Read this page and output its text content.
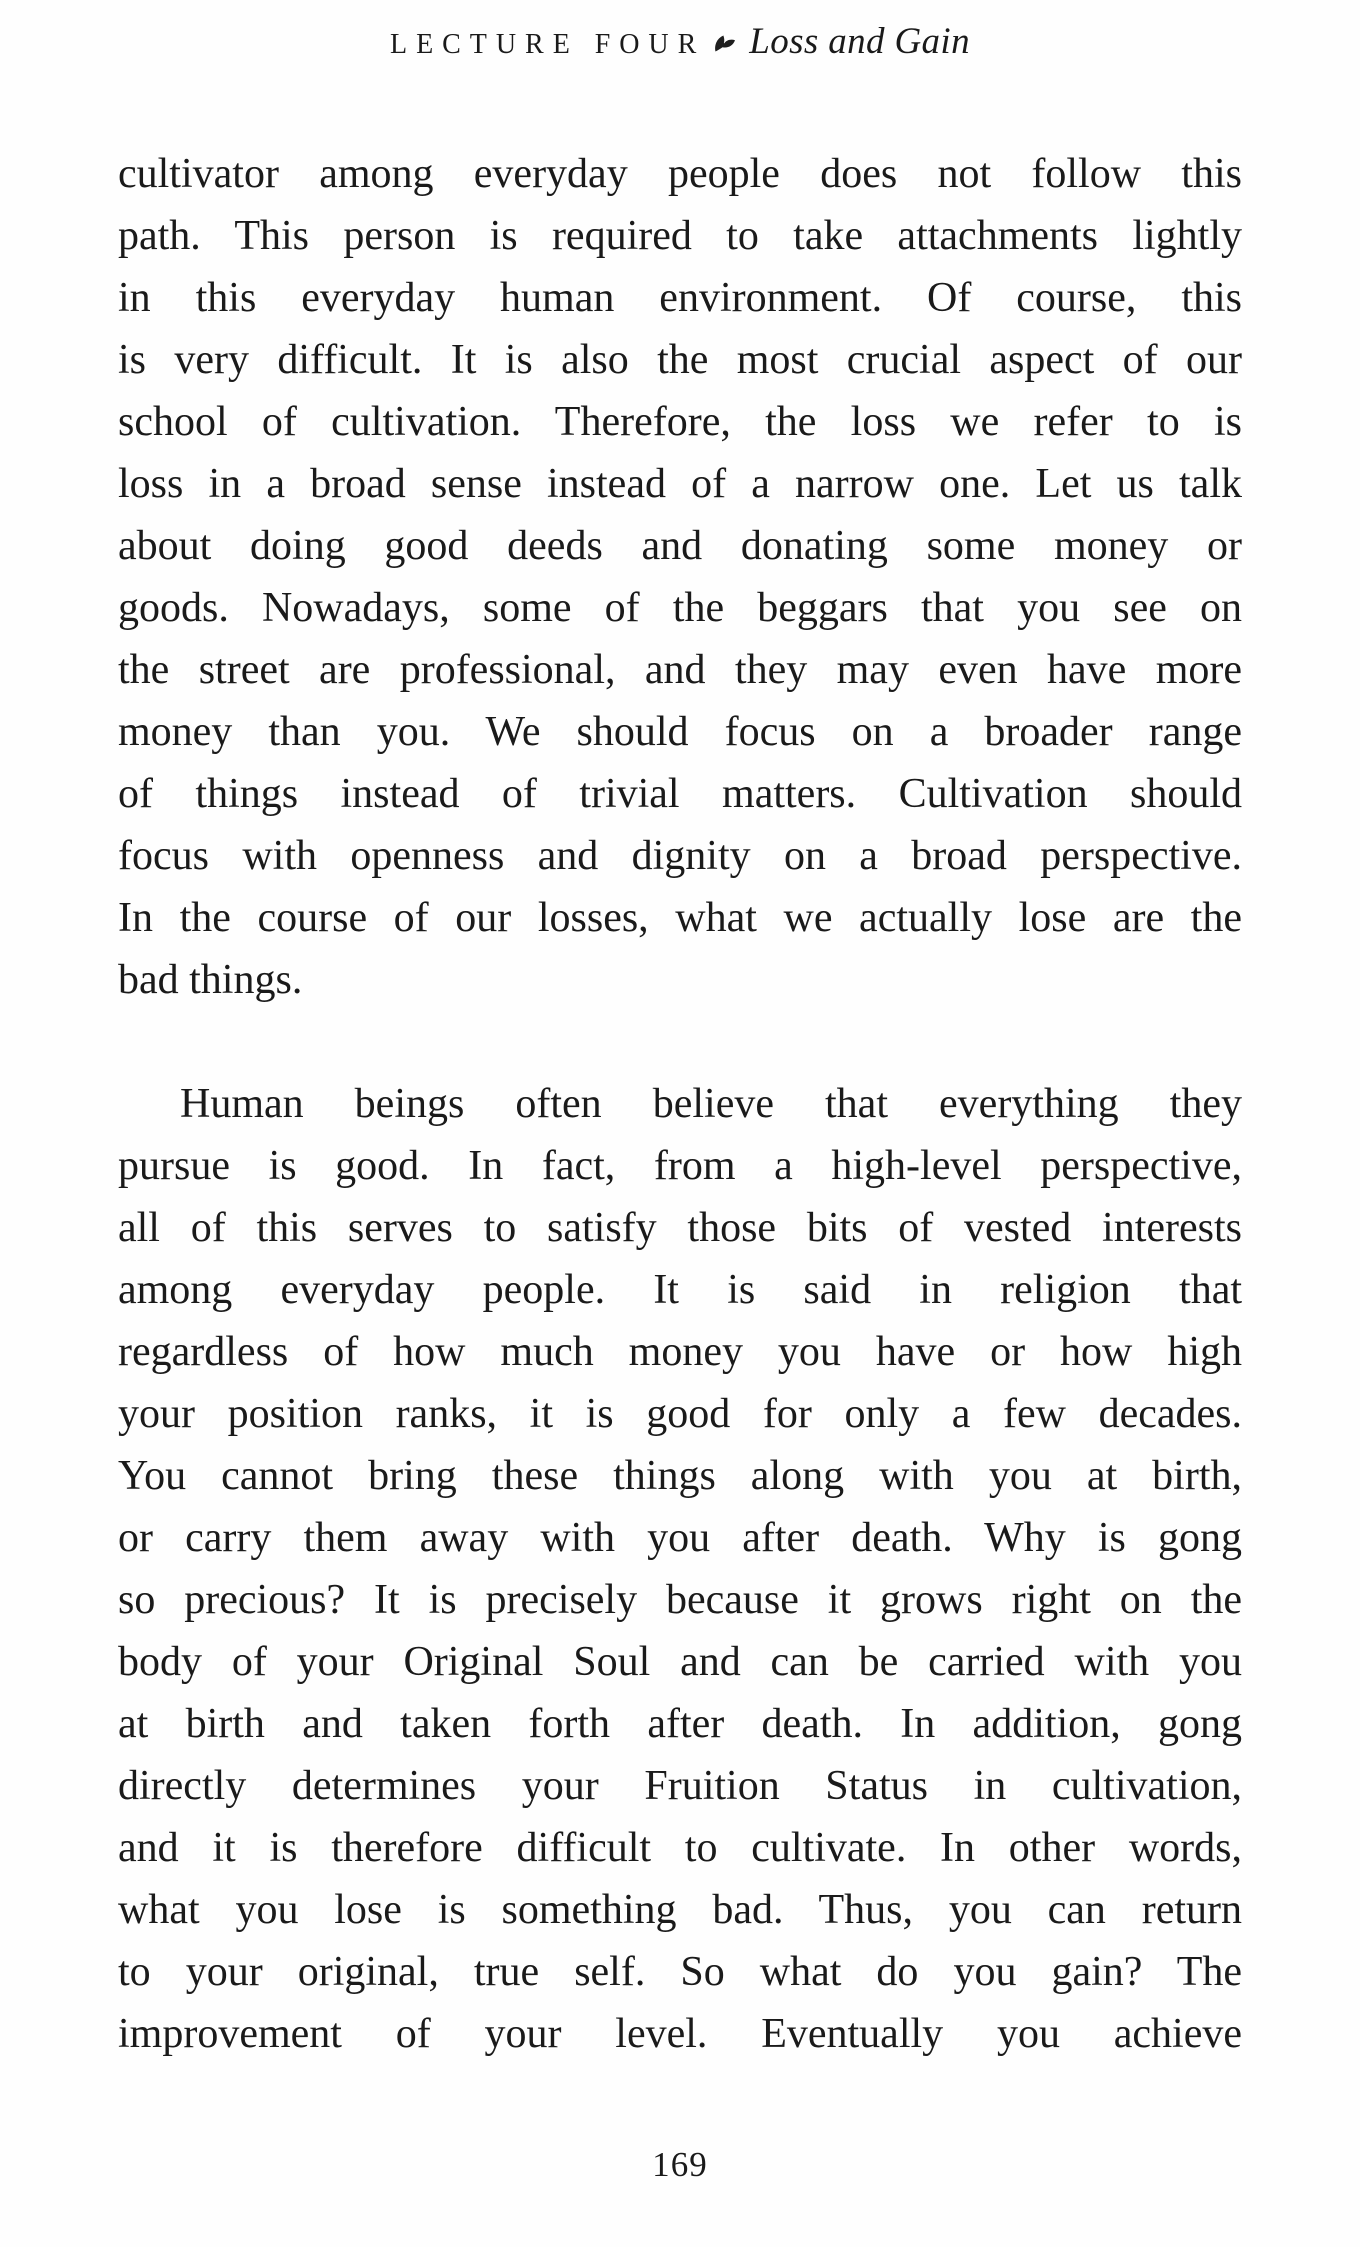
LECTURE FOUR Loss and Gain

cultivator among everyday people does not follow this
path. This person is required to take attachments lightly
in this everyday human environment. Of course, this
is very difficult. It is also the most crucial aspect of our
school of cultivation. Therefore, the loss we refer to is
loss in a broad sense instead of a narrow one. Let us talk
about doing good deeds and donating some money or
goods. Nowadays, some of the beggars that you see on
the street are professional, and they may even have more
money than you. We should focus on a broader range
of things instead of trivial matters. Cultivation should
focus with openness and dignity on a broad perspective.
In the course of our losses, what we actually lose are the
bad things.

Human beings often believe that everything they
pursue is good. In fact, from a high-level perspective,
all of this serves to satisfy those bits of vested interests
among everyday people. It is said in religion that
regardless of how much money you have or how high
your position ranks, it is good for only a few decades.
You cannot bring these things along with you at birth,
or carry them away with you after death. Why is gong
so precious? It is precisely because it grows right on the
body of your Original Soul and can be carried with you
at birth and taken forth after death. In addition, gong
directly determines your Fruition Status in cultivation,
and it is therefore difficult to cultivate. In other words,
what you lose is something bad. Thus, you can return
to your original, true self. So what do you gain? The
improvement of your level. Eventually you achieve

169
